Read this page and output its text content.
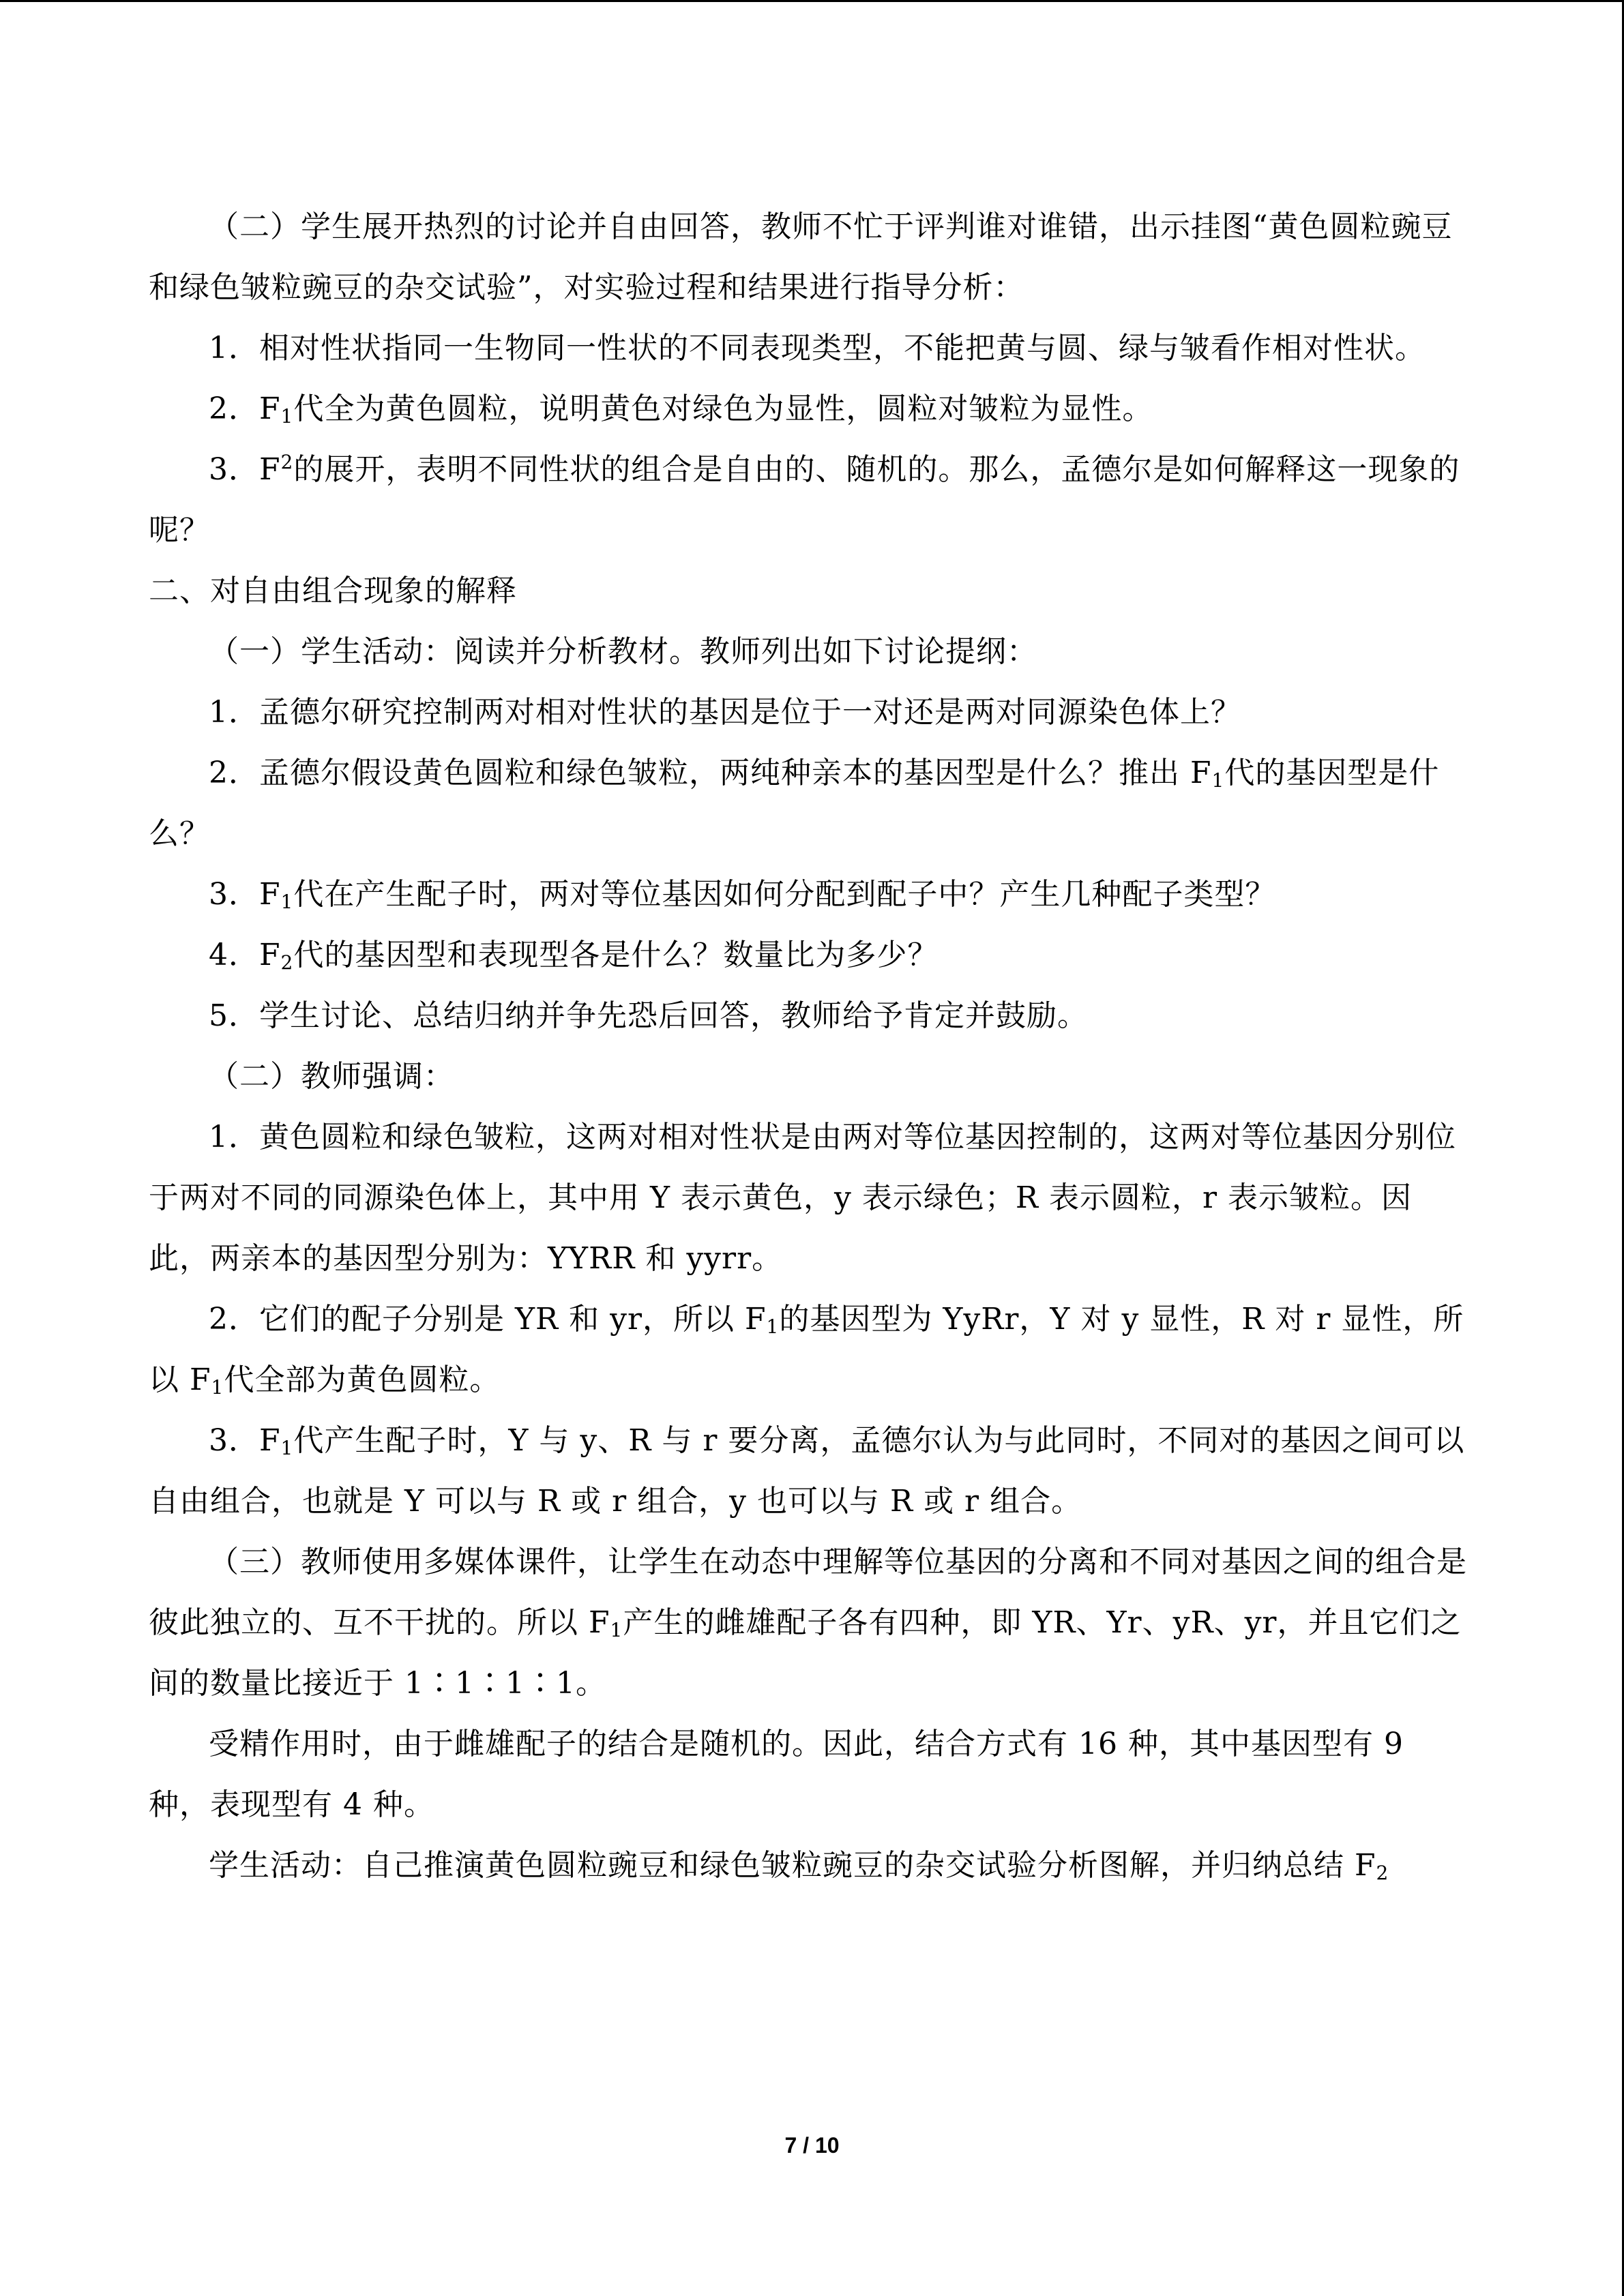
（二）学生展开热烈的讨论并自由回答，教师不忙于评判谁对谁错，出示挂图“黄色圆粒豌豆和绿色皱粒豌豆的杂交试验”，对实验过程和结果进行指导分析：

1．相对性状指同一生物同一性状的不同表现类型，不能把黄与圆、绿与皱看作相对性状。

2．$F_1$代全为黄色圆粒，说明黄色对绿色为显性，圆粒对皱粒为显性。

3．$F^2$的展开，表明不同性状的组合是自由的、随机的。那么，孟德尔是如何解释这一现象的呢？

二、对自由组合现象的解释

（一）学生活动：阅读并分析教材。教师列出如下讨论提纲：

1．孟德尔研究控制两对相对性状的基因是位于一对还是两对同源染色体上？

2．孟德尔假设黄色圆粒和绿色皱粒，两纯种亲本的基因型是什么？推出 $F_1$代的基因型是什么？

3．$F_1$代在产生配子时，两对等位基因如何分配到配子中？产生几种配子类型？

4．$F_2$代的基因型和表现型各是什么？数量比为多少？

5．学生讨论、总结归纳并争先恐后回答，教师给予肯定并鼓励。

（二）教师强调：

1．黄色圆粒和绿色皱粒，这两对相对性状是由两对等位基因控制的，这两对等位基因分别位于两对不同的同源染色体上，其中用 Y 表示黄色，y 表示绿色；R 表示圆粒，r 表示皱粒。因此，两亲本的基因型分别为：YYRR 和 yyrr。

2．它们的配子分别是 YR 和 yr，所以 $F_1$的基因型为 YyRr，Y 对 y 显性，R 对 r 显性，所以 $F_1$代全部为黄色圆粒。

3．$F_1$代产生配子时，Y 与 y、R 与 r 要分离，孟德尔认为与此同时，不同对的基因之间可以自由组合，也就是 Y 可以与 R 或 r 组合，y 也可以与 R 或 r 组合。

（三）教师使用多媒体课件，让学生在动态中理解等位基因的分离和不同对基因之间的组合是彼此独立的、互不干扰的。所以 $F_1$产生的雌雄配子各有四种，即 YR、Yr、yR、yr，并且它们之间的数量比接近于 1∶1∶1∶1。

受精作用时，由于雌雄配子的结合是随机的。因此，结合方式有 16 种，其中基因型有 9 种，表现型有 4 种。

学生活动：自己推演黄色圆粒豌豆和绿色皱粒豌豆的杂交试验分析图解，并归纳总结 $F_2$

7 / 10
